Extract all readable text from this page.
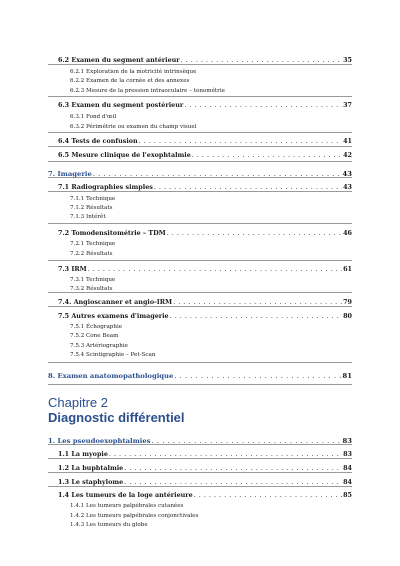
6.2 Examen du segment antérieur . . .	35
6.2.1 Exploration de la motricité intrinsèque
6.2.2 Examen de la cornée et des annexes
6.2.3 Mesure de la pression intraoculaire – tonométrie
6.3 Examen du segment postérieur . . .	37
6.3.1 Fond d'œil
6.3.2 Périmétrie ou examen du champ visuel
6.4 Tests de confusion . . .	41
6.5 Mesure clinique de l'exophtalmie . . .	42
7. Imagerie . . .	43
7.1 Radiographies simples . . .	43
7.1.1 Technique
7.1.2 Résultats
7.1.3 Intérêt
7.2 Tomodensitométrie – TDM . . .	46
7.2.1 Technique
7.2.2 Résultats
7.3 IRM . . .	61
7.3.1 Technique
7.3.2 Résultats
7.4. Angioscanner et angio-IRM . . .	79
7.5 Autres examens d'imagerie . . .	80
7.5.1 Échographie
7.5.2 Cone Beam
7.5.3 Artériographie
7.5.4 Scintigraphie – Pet-Scan
8. Examen anatomopathologique . . .	81
1. Les pseudoexophtalmies . . .	83
1.1 La myopie . . .	83
1.2 La buphtalmie . . .	84
1.3 Le staphylome . . .	84
1.4 Les tumeurs de la loge antérieure . . .	85
1.4.1 Les tumeurs palpébrales cutanées
1.4.2 Les tumeurs palpébrales conjonctivales
1.4.3 Les tumeurs du globe
Chapitre 2
Diagnostic différentiel
